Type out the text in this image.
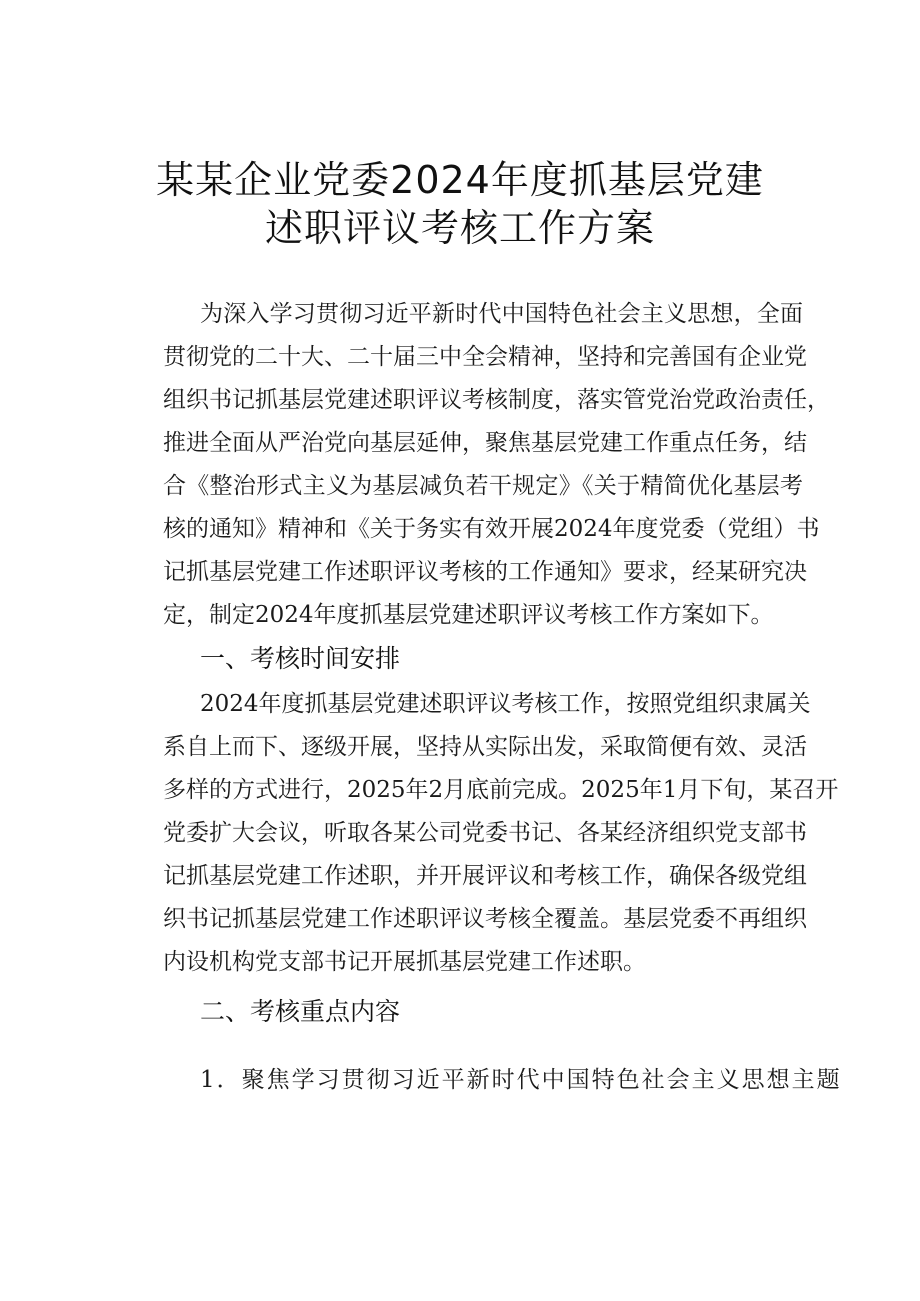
某某企业党委2024年度抓基层党建
述职评议考核工作方案
为深入学习贯彻习近平新时代中国特色社会主义思想，全面
贯彻党的二十大、二十届三中全会精神，坚持和完善国有企业党
组织书记抓基层党建述职评议考核制度，落实管党治党政治责任，
推进全面从严治党向基层延伸，聚焦基层党建工作重点任务，结
合《整治形式主义为基层减负若干规定》《关于精简优化基层考
核的通知》精神和《关于务实有效开展2024年度党委（党组）书
记抓基层党建工作述职评议考核的工作通知》要求，经某研究决
定，制定2024年度抓基层党建述职评议考核工作方案如下。
一、考核时间安排
2024年度抓基层党建述职评议考核工作，按照党组织隶属关
系自上而下、逐级开展，坚持从实际出发，采取简便有效、灵活
多样的方式进行，2025年2月底前完成。2025年1月下旬，某召开
党委扩大会议，听取各某公司党委书记、各某经济组织党支部书
记抓基层党建工作述职，并开展评议和考核工作，确保各级党组
织书记抓基层党建工作述职评议考核全覆盖。基层党委不再组织
内设机构党支部书记开展抓基层党建工作述职。
二、考核重点内容
1．聚焦学习贯彻习近平新时代中国特色社会主义思想主题
